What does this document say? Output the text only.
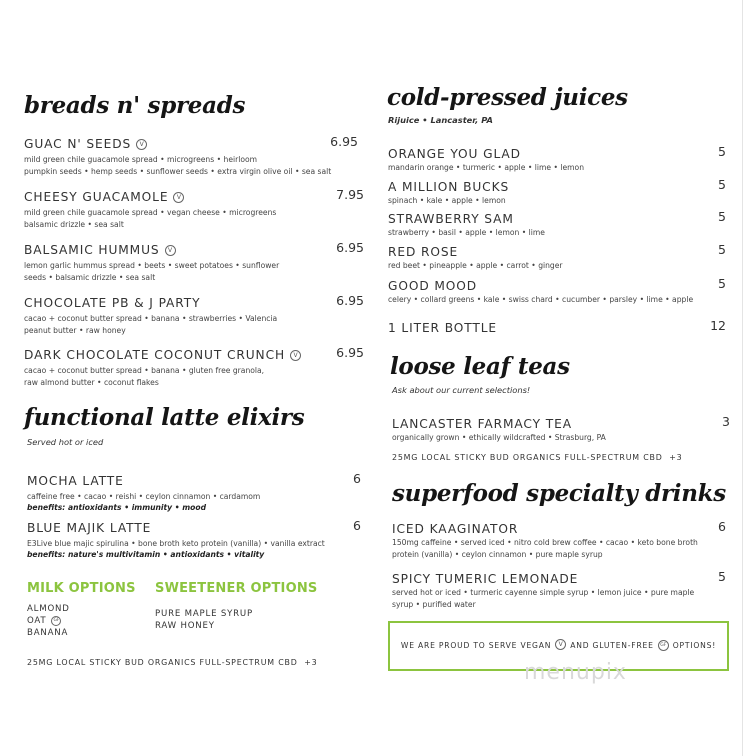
breads n' spreads
GUAC N' SEEDS V	6.95
mild green chile guacamole spread • microgreens • heirloom
pumpkin seeds • hemp seeds • sunflower seeds • extra virgin olive oil • sea salt
CHEESY GUACAMOLE V	7.95
mild green chile guacamole spread • vegan cheese • microgreens
balsamic drizzle • sea salt
BALSAMIC HUMMUS V	6.95
lemon garlic hummus spread • beets • sweet potatoes • sunflower
seeds • balsamic drizzle • sea salt
CHOCOLATE PB & J PARTY	6.95
cacao + coconut butter spread • banana • strawberries • Valencia
peanut butter • raw honey
DARK CHOCOLATE COCONUT CRUNCH V	6.95
cacao + coconut butter spread • banana • gluten free granola,
raw almond butter • coconut flakes
functional latte elixirs
Served hot or iced
MOCHA LATTE	6
caffeine free • cacao • reishi • ceylon cinnamon • cardamom
benefits: antioxidants • immunity • mood
BLUE MAJIK LATTE	6
E3Live blue majic spirulina • bone broth keto protein (vanilla) • vanilla extract
benefits: nature's multivitamin • antioxidants • vitality
MILK OPTIONS
ALMOND
OAT GF
BANANA
SWEETENER OPTIONS
PURE MAPLE SYRUP
RAW HONEY
25MG LOCAL STICKY BUD ORGANICS FULL-SPECTRUM CBD +3
cold-pressed juices
Rijuice • Lancaster, PA
ORANGE YOU GLAD	5
mandarin orange • turmeric • apple • lime • lemon
A MILLION BUCKS	5
spinach • kale • apple • lemon
STRAWBERRY SAM	5
strawberry • basil • apple • lemon • lime
RED ROSE	5
red beet • pineapple • apple • carrot • ginger
GOOD MOOD	5
celery • collard greens • kale • swiss chard • cucumber • parsley • lime • apple
1 LITER BOTTLE	12
loose leaf teas
Ask about our current selections!
LANCASTER FARMACY TEA	3
organically grown • ethically wildcrafted • Strasburg, PA
25MG LOCAL STICKY BUD ORGANICS FULL-SPECTRUM CBD +3
superfood specialty drinks
ICED KAAGINATOR	6
150mg caffeine • served iced • nitro cold brew coffee • cacao • keto bone broth
protein (vanilla) • ceylon cinnamon • pure maple syrup
SPICY TUMERIC LEMONADE	5
served hot or iced • turmeric cayenne simple syrup • lemon juice • pure maple
syrup • purified water
WE ARE PROUD TO SERVE VEGAN V AND GLUTEN-FREE GF OPTIONS!
menupix
